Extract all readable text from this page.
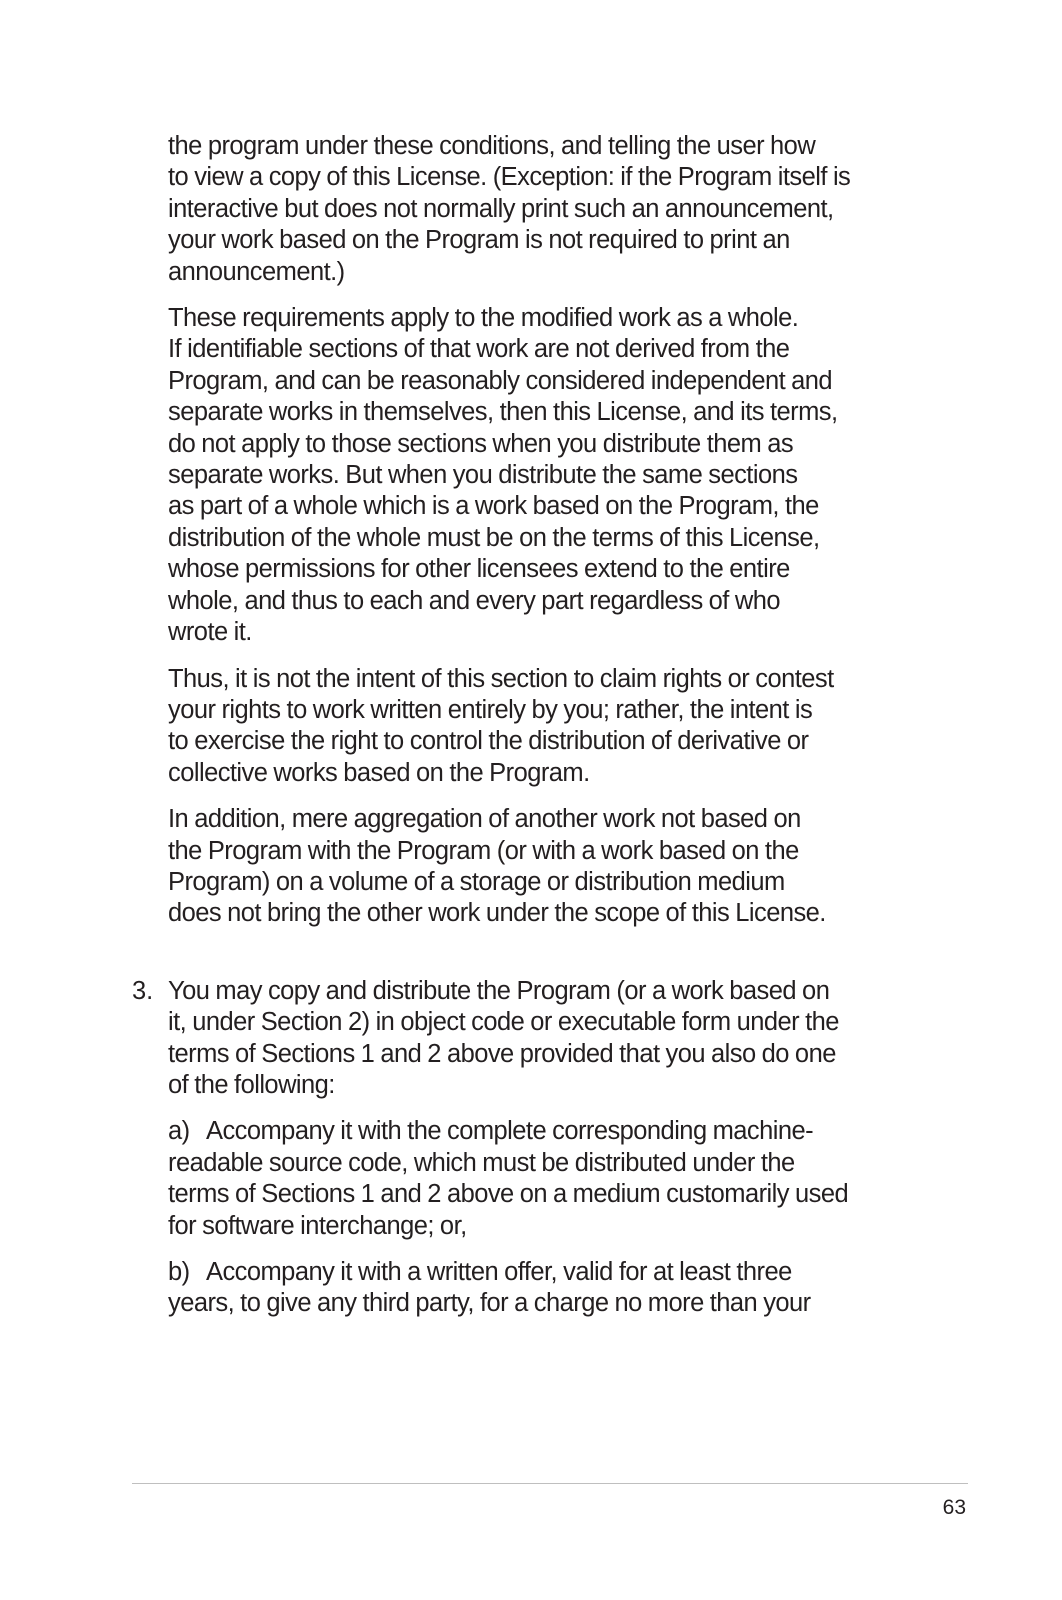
the program under these conditions, and telling the user how
to view a copy of this License. (Exception: if the Program itself is
interactive but does not normally print such an announcement,
your work based on the Program is not required to print an
announcement.)

These requirements apply to the modified work as a whole.
If identifiable sections of that work are not derived from the
Program, and can be reasonably considered independent and
separate works in themselves, then this License, and its terms,
do not apply to those sections when you distribute them as
separate works. But when you distribute the same sections
as part of a whole which is a work based on the Program, the
distribution of the whole must be on the terms of this License,
whose permissions for other licensees extend to the entire
whole, and thus to each and every part regardless of who
wrote it.

Thus, it is not the intent of this section to claim rights or contest
your rights to work written entirely by you; rather, the intent is
to exercise the right to control the distribution of derivative or
collective works based on the Program.

In addition, mere aggregation of another work not based on
the Program with the Program (or with a work based on the
Program) on a volume of a storage or distribution medium
does not bring the other work under the scope of this License.

3. You may copy and distribute the Program (or a work based on
it, under Section 2) in object code or executable form under the
terms of Sections 1 and 2 above provided that you also do one
of the following:

a) Accompany it with the complete corresponding machine-
readable source code, which must be distributed under the
terms of Sections 1 and 2 above on a medium customarily used
for software interchange; or,

b) Accompany it with a written offer, valid for at least three
years, to give any third party, for a charge no more than your

63
